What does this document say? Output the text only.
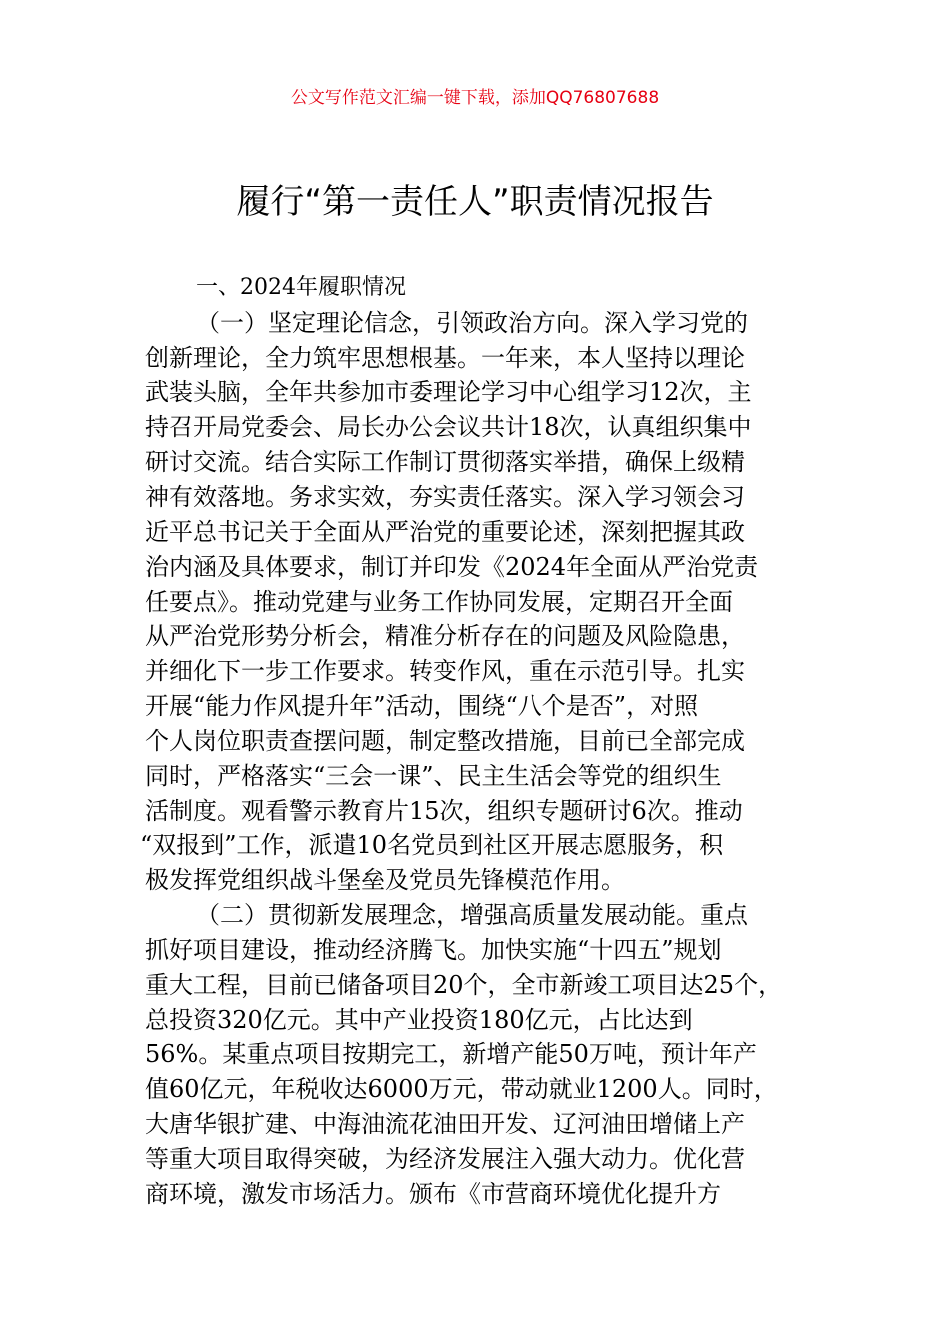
公文写作范文汇编一键下载，添加QQ76807688
履行“第一责任人”职责情况报告
一、2024年履职情况
（一）坚定理论信念，引领政治方向。深入学习党的
创新理论，全力筑牢思想根基。一年来，本人坚持以理论
武装头脑，全年共参加市委理论学习中心组学习12次，主
持召开局党委会、局长办公会议共计18次，认真组织集中
研讨交流。结合实际工作制订贯彻落实举措，确保上级精
神有效落地。务求实效，夯实责任落实。深入学习领会习
近平总书记关于全面从严治党的重要论述，深刻把握其政
治内涵及具体要求，制订并印发《2024年全面从严治党责
任要点》。推动党建与业务工作协同发展，定期召开全面
从严治党形势分析会，精准分析存在的问题及风险隐患，
并细化下一步工作要求。转变作风，重在示范引导。扎实
开展“能力作风提升年”活动，围绕“八个是否”，对照
个人岗位职责查摆问题，制定整改措施，目前已全部完成
同时，严格落实“三会一课”、民主生活会等党的组织生
活制度。观看警示教育片15次，组织专题研讨6次。推动
“双报到”工作，派遣10名党员到社区开展志愿服务，积
极发挥党组织战斗堡垒及党员先锋模范作用。
（二）贯彻新发展理念，增强高质量发展动能。重点
抓好项目建设，推动经济腾飞。加快实施“十四五”规划
重大工程，目前已储备项目20个，全市新竣工项目达25个，
总投资320亿元。其中产业投资180亿元，占比达到
56%。某重点项目按期完工，新增产能50万吨，预计年产
值60亿元，年税收达6000万元，带动就业1200人。同时，
大唐华银扩建、中海油流花油田开发、辽河油田增储上产
等重大项目取得突破，为经济发展注入强大动力。优化营
商环境，激发市场活力。颁布《市营商环境优化提升方
